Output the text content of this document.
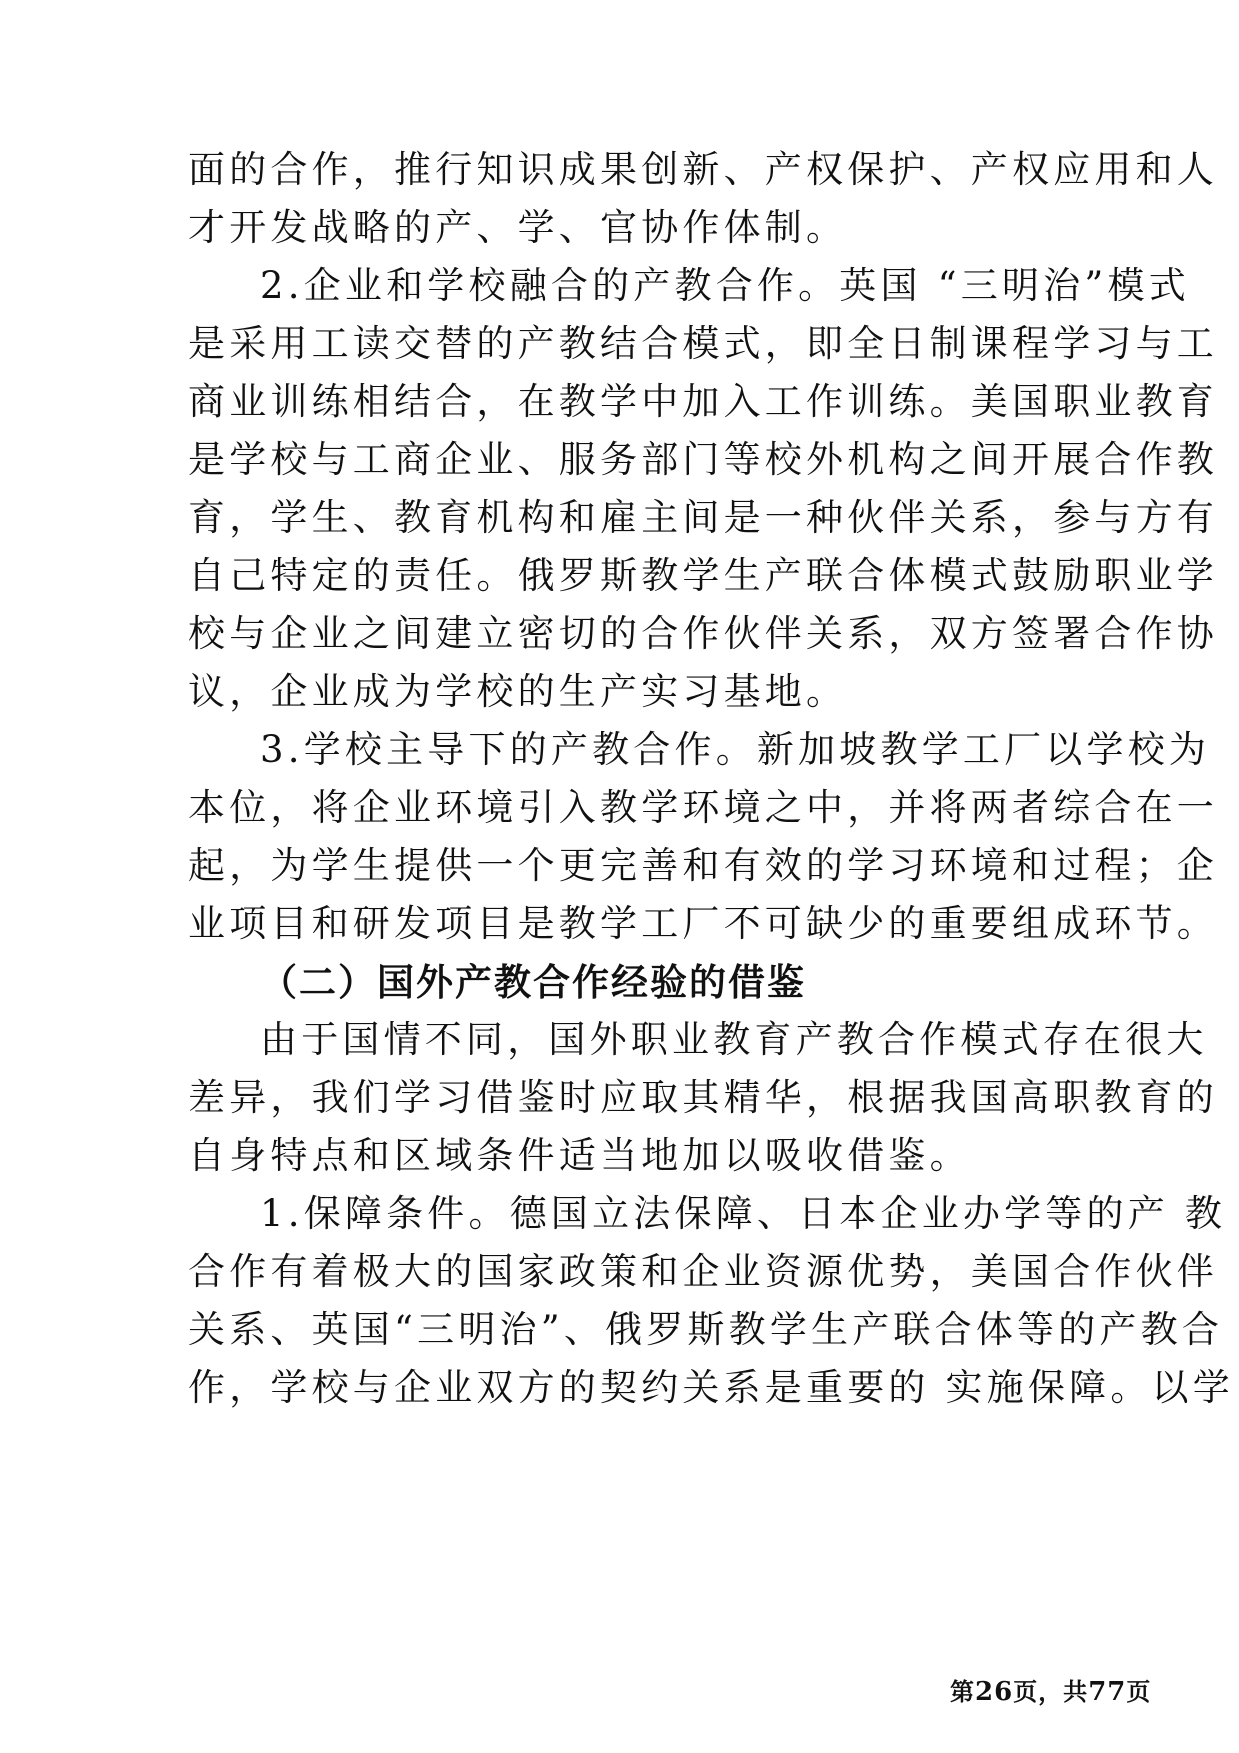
面的合作，推行知识成果创新、产权保护、产权应用和人
才开发战略的产、学、官协作体制。
2.企业和学校融合的产教合作。英国 “三明治”模式
是采用工读交替的产教结合模式，即全日制课程学习与工
商业训练相结合，在教学中加入工作训练。美国职业教育
是学校与工商企业、服务部门等校外机构之间开展合作教
育，学生、教育机构和雇主间是一种伙伴关系，参与方有
自己特定的责任。俄罗斯教学生产联合体模式鼓励职业学
校与企业之间建立密切的合作伙伴关系，双方签署合作协
议，企业成为学校的生产实习基地。
3.学校主导下的产教合作。新加坡教学工厂以学校为
本位，将企业环境引入教学环境之中，并将两者综合在一
起，为学生提供一个更完善和有效的学习环境和过程；企
业项目和研发项目是教学工厂不可缺少的重要组成环节。
（二）国外产教合作经验的借鉴
由于国情不同，国外职业教育产教合作模式存在很大
差异，我们学习借鉴时应取其精华，根据我国高职教育的
自身特点和区域条件适当地加以吸收借鉴。
1.保障条件。德国立法保障、日本企业办学等的产 教
合作有着极大的国家政策和企业资源优势，美国合作伙伴
关系、英国“三明治”、俄罗斯教学生产联合体等的产教合
作，学校与企业双方的契约关系是重要的 实施保障。以学
第26页，共77页
